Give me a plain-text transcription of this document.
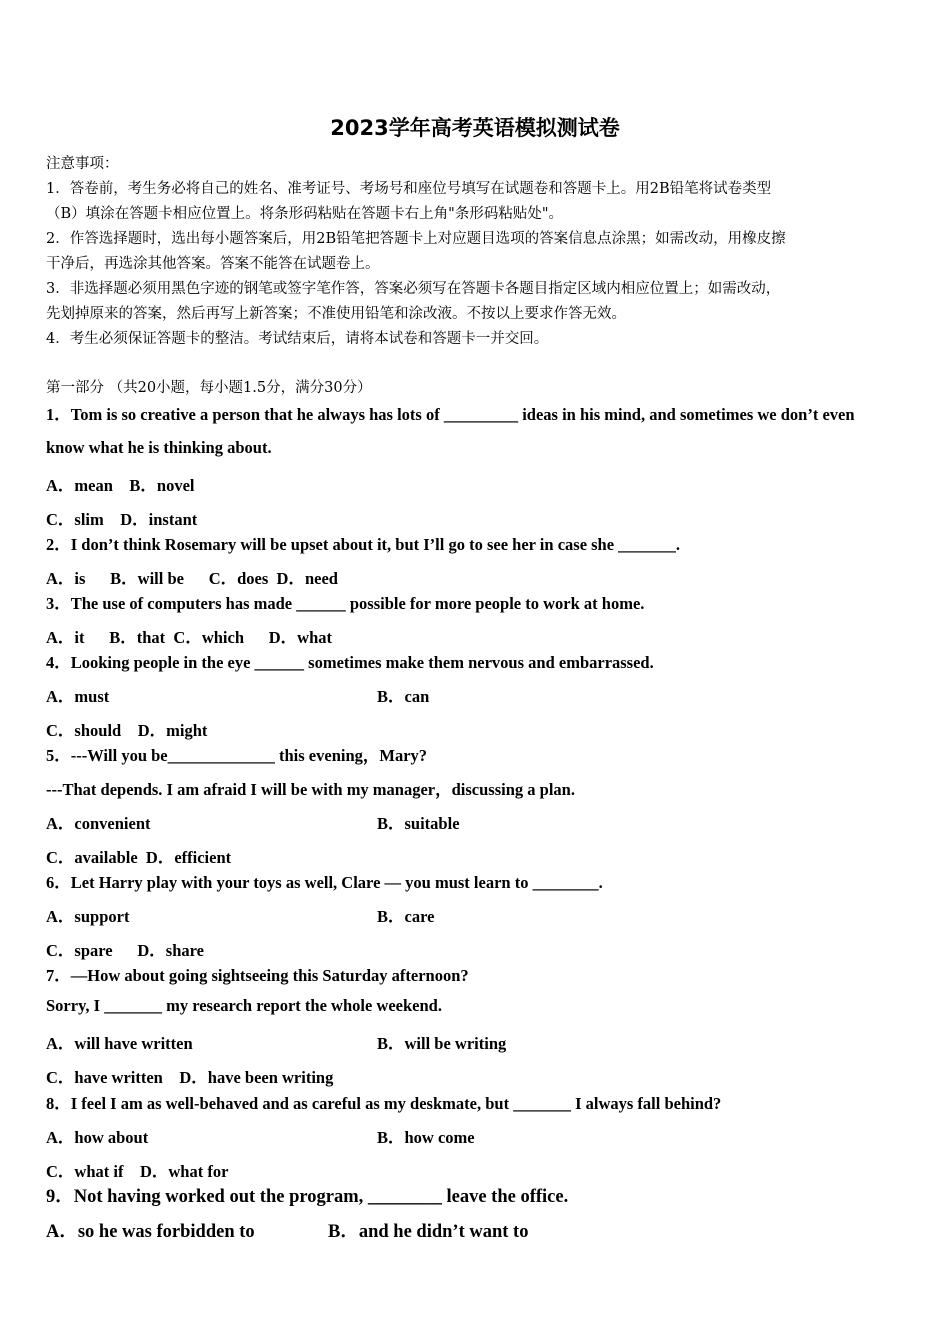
2023学年高考英语模拟测试卷
注意事项：
1．答卷前，考生务必将自己的姓名、准考证号、考场号和座位号填写在试题卷和答题卡上。用2B铅笔将试卷类型
（B）填涂在答题卡相应位置上。将条形码粘贴在答题卡右上角"条形码粘贴处"。
2．作答选择题时，选出每小题答案后，用2B铅笔把答题卡上对应题目选项的答案信息点涂黑；如需改动，用橡皮擦
干净后，再选涂其他答案。答案不能答在试题卷上。
3．非选择题必须用黑色字迹的钢笔或签字笔作答，答案必须写在答题卡各题目指定区域内相应位置上；如需改动，
先划掉原来的答案，然后再写上新答案；不准使用铅笔和涂改液。不按以上要求作答无效。
4．考生必须保证答题卡的整洁。考试结束后，请将本试卷和答题卡一并交回。
第一部分 （共20小题，每小题1.5分，满分30分）
1．Tom is so creative a person that he always has lots of _________ ideas in his mind, and sometimes we don’t even
know what he is thinking about.
A．mean    B．novel
C．slim    D．instant
2．I don’t think Rosemary will be upset about it, but I’ll go to see her in case she _______.
A．is      B．will be      C．does  D．need
3．The use of computers has made ______ possible for more people to work at home.
A．it      B．that  C．which      D．what
4．Looking people in the eye ______ sometimes make them nervous and embarrassed.
A．must	B．can
C．should    D．might
5．---Will you be_____________ this evening，Mary?
---That depends. I am afraid I will be with my manager，discussing a plan.
A．convenient	B．suitable
C．available  D．efficient
6．Let Harry play with your toys as well, Clare — you must learn to ________.
A．support	B．care
C．spare      D．share
7．—How about going sightseeing this Saturday afternoon?
Sorry, I _______ my research report the whole weekend.
A．will have written	B．will be writing
C．have written    D．have been writing
8．I feel I am as well-behaved and as careful as my deskmate, but _______ I always fall behind?
A．how about	B．how come
C．what if    D．what for
9．Not having worked out the program, ________ leave the office.
A．so he was forbidden to	B．and he didn’t want to
